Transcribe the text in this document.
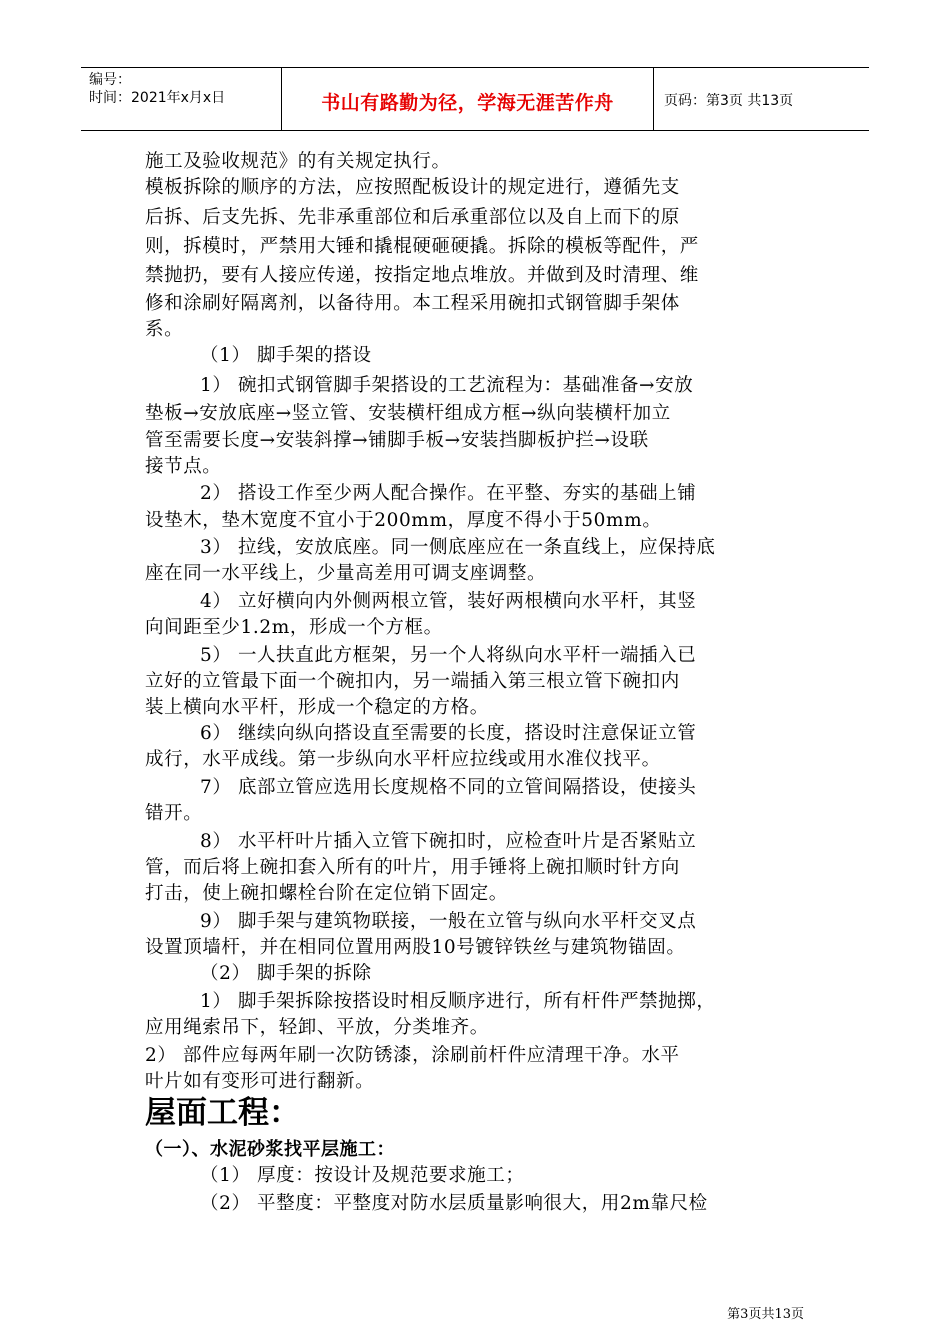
编号：
时间：2021年x月x日	书山有路勤为径，学海无涯苦作舟	页码：第3页 共13页
施工及验收规范》的有关规定执行。
模板拆除的顺序的方法，应按照配板设计的规定进行，遵循先支
后拆、后支先拆、先非承重部位和后承重部位以及自上而下的原
则，拆模时，严禁用大锤和撬棍硬砸硬撬。拆除的模板等配件，严
禁抛扔，要有人接应传递，按指定地点堆放。并做到及时清理、维
修和涂刷好隔离剂，以备待用。本工程采用碗扣式钢管脚手架体
系。
（1） 脚手架的搭设
1） 碗扣式钢管脚手架搭设的工艺流程为：基础准备→安放
垫板→安放底座→竖立管、安装横杆组成方框→纵向装横杆加立
管至需要长度→安装斜撑→铺脚手板→安装挡脚板护拦→设联
接节点。
2） 搭设工作至少两人配合操作。在平整、夯实的基础上铺
设垫木，垫木宽度不宜小于200mm，厚度不得小于50mm。
3） 拉线，安放底座。同一侧底座应在一条直线上，应保持底
座在同一水平线上，少量高差用可调支座调整。
4） 立好横向内外侧两根立管，装好两根横向水平杆，其竖
向间距至少1.2m，形成一个方框。
5） 一人扶直此方框架，另一个人将纵向水平杆一端插入已
立好的立管最下面一个碗扣内，另一端插入第三根立管下碗扣内
装上横向水平杆，形成一个稳定的方格。
6） 继续向纵向搭设直至需要的长度，搭设时注意保证立管
成行，水平成线。第一步纵向水平杆应拉线或用水准仪找平。
7） 底部立管应选用长度规格不同的立管间隔搭设，使接头
错开。
8） 水平杆叶片插入立管下碗扣时，应检查叶片是否紧贴立
管，而后将上碗扣套入所有的叶片，用手锤将上碗扣顺时针方向
打击，使上碗扣螺栓台阶在定位销下固定。
9） 脚手架与建筑物联接，一般在立管与纵向水平杆交叉点
设置顶墙杆，并在相同位置用两股10号镀锌铁丝与建筑物锚固。
（2） 脚手架的拆除
1） 脚手架拆除按搭设时相反顺序进行，所有杆件严禁抛掷，
应用绳索吊下，轻卸、平放，分类堆齐。
2） 部件应每两年刷一次防锈漆，涂刷前杆件应清理干净。水平
叶片如有变形可进行翻新。
屋面工程：
（一）、水泥砂浆找平层施工：
（1） 厚度：按设计及规范要求施工；
（2） 平整度：平整度对防水层质量影响很大，用2m靠尺检
第3页共13页
